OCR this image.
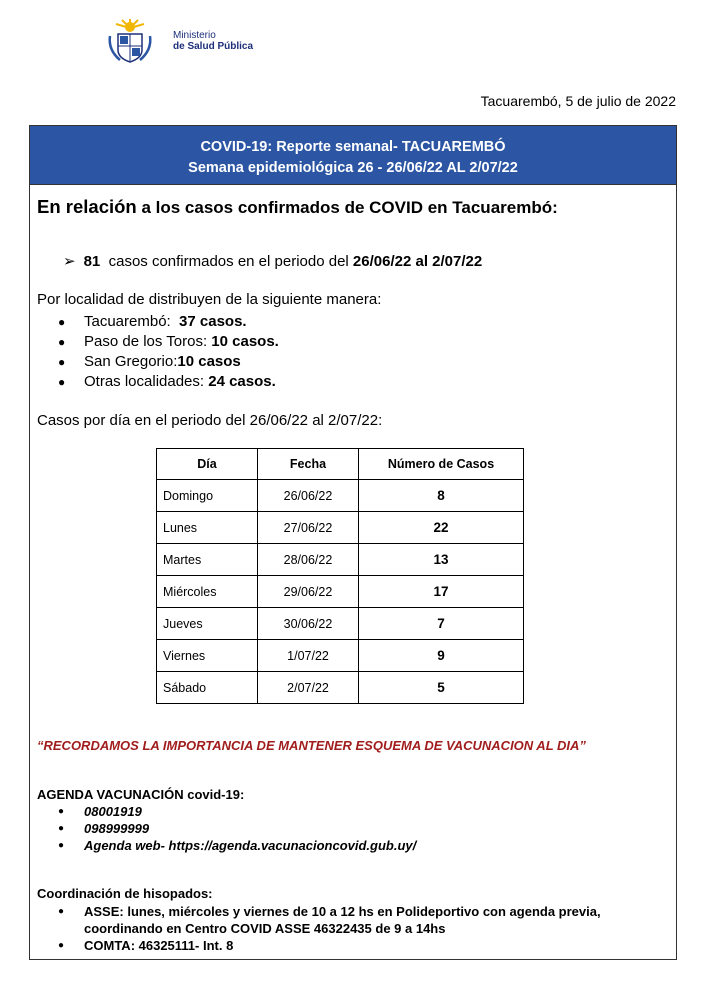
Ministerio
de Salud Pública
Tacuarembó, 5 de julio de 2022
COVID-19: Reporte semanal- TACUAREMBÓ
Semana epidemiológica 26 - 26/06/22 AL 2/07/22
En relación a los casos confirmados de COVID en Tacuarembó:
➢ 81  casos confirmados en el periodo del 26/06/22 al 2/07/22
Por localidad de distribuyen de la siguiente manera:
● Tacuarembó:  37 casos.
● Paso de los Toros: 10 casos.
● San Gregorio:10 casos
● Otras localidades: 24 casos.
Casos por día en el periodo del 26/06/22 al 2/07/22:
Día	Fecha	Número de Casos
Domingo	26/06/22	8
Lunes	27/06/22	22
Martes	28/06/22	13
Miércoles	29/06/22	17
Jueves	30/06/22	7
Viernes	1/07/22	9
Sábado	2/07/22	5
“RECORDAMOS LA IMPORTANCIA DE MANTENER ESQUEMA DE VACUNACION AL DIA”
AGENDA VACUNACIÓN covid-19:
● 08001919
● 098999999
● Agenda web- https://agenda.vacunacioncovid.gub.uy/
Coordinación de hisopados:
● ASSE: lunes, miércoles y viernes de 10 a 12 hs en Polideportivo con agenda previa, coordinando en Centro COVID ASSE 46322435 de 9 a 14hs
● COMTA: 46325111- Int. 8
